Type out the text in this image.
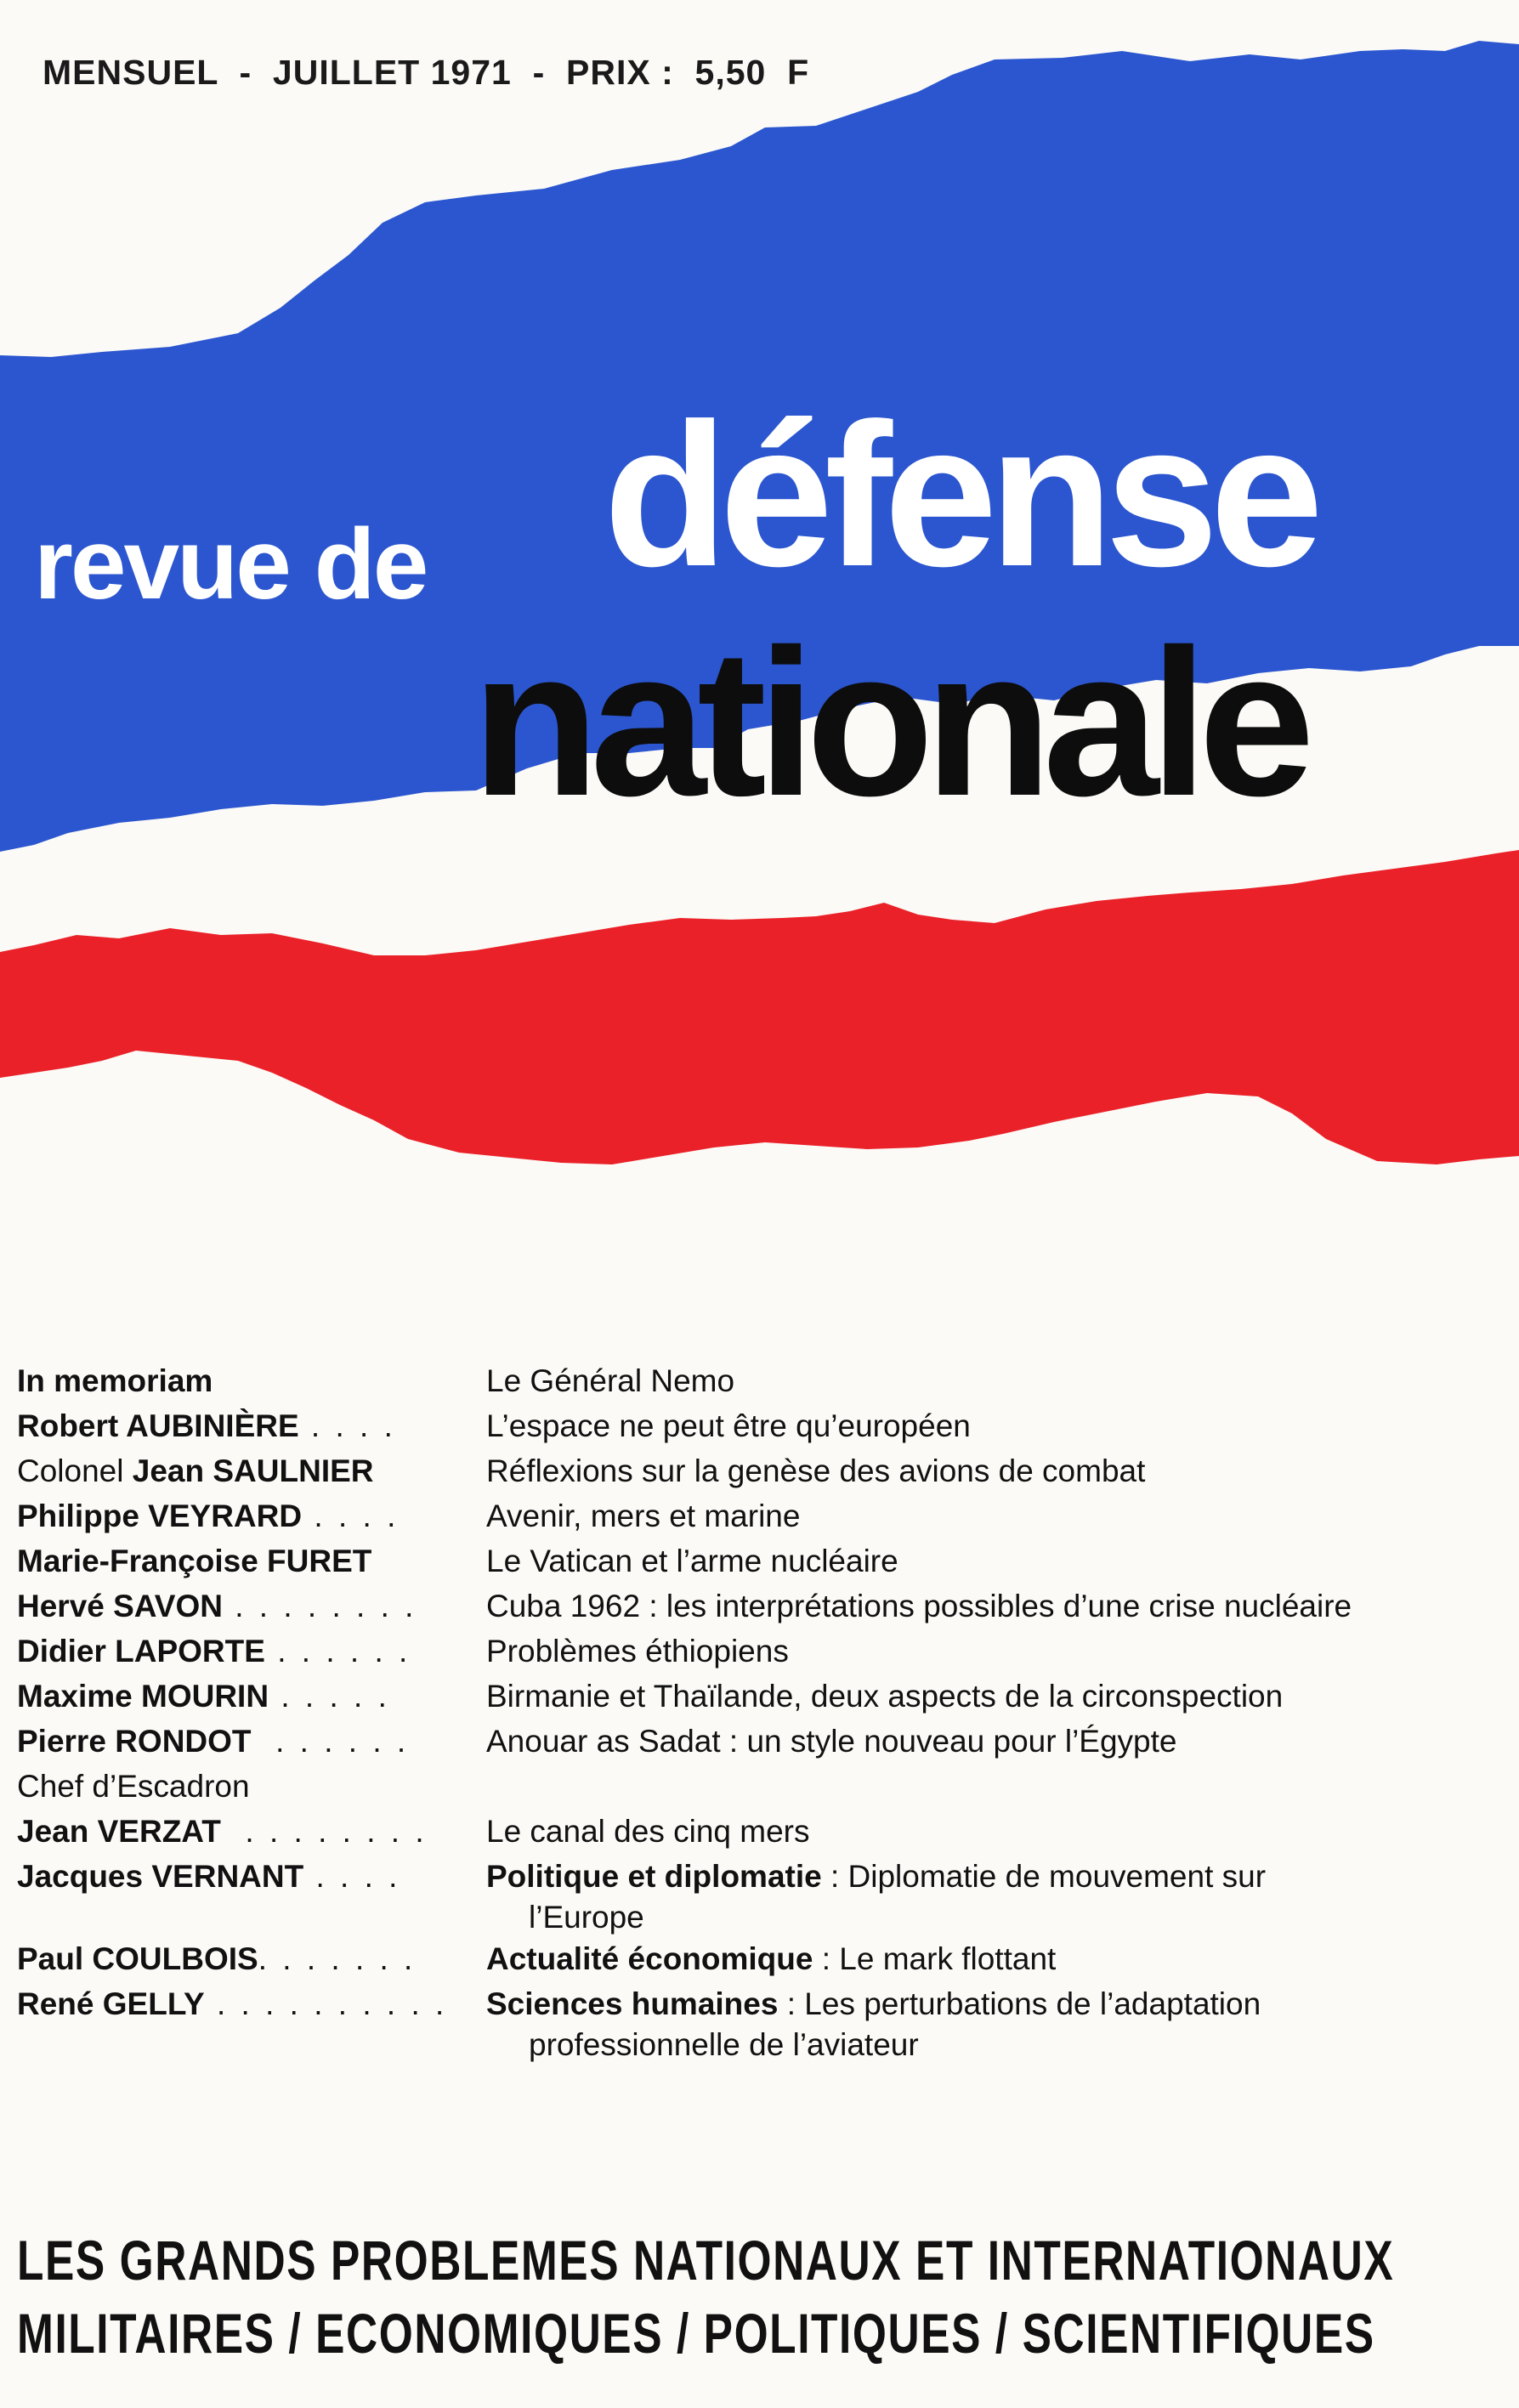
MENSUEL  -  JUILLET 1971  -  PRIX :  5,50  F
revue de défense
nationale
In memoriam	Le Général Nemo
Robert AUBINIÈRE . . . .	L’espace ne peut être qu’européen
Colonel Jean SAULNIER	Réflexions sur la genèse des avions de combat
Philippe VEYRARD . . . .	Avenir, mers et marine
Marie-Françoise FURET	Le Vatican et l’arme nucléaire
Hervé SAVON . . . . . . . .	Cuba 1962 : les interprétations possibles d’une crise nucléaire
Didier LAPORTE . . . . . .	Problèmes éthiopiens
Maxime MOURIN . . . . .	Birmanie et Thaïlande, deux aspects de la circonspection
Pierre RONDOT  . . . . . .	Anouar as Sadat : un style nouveau pour l’Égypte
Chef d’Escadron
Jean VERZAT  . . . . . . . .	Le canal des cinq mers
Jacques VERNANT . . . .	Politique et diplomatie : Diplomatie de mouvement sur
l’Europe
Paul COULBOIS. . . . . . .	Actualité économique : Le mark flottant
René GELLY . . . . . . . . . .	Sciences humaines : Les perturbations de l’adaptation
professionnelle de l’aviateur
LES GRANDS PROBLEMES NATIONAUX ET INTERNATIONAUX
MILITAIRES / ECONOMIQUES / POLITIQUES / SCIENTIFIQUES
